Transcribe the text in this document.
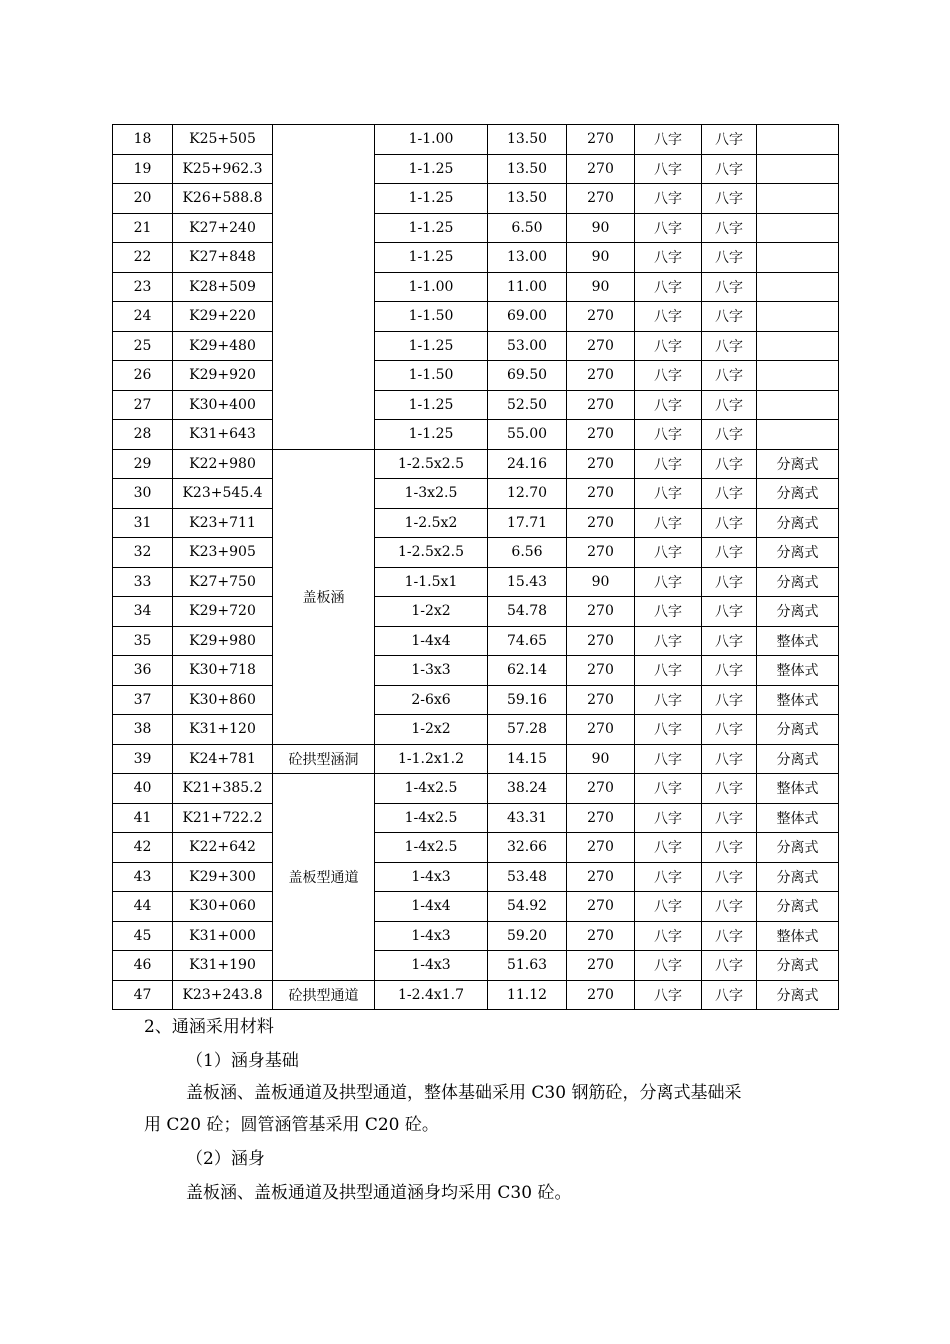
18	K25+505		1-1.00	13.50	270	八字	八字	
19	K25+962.3		1-1.25	13.50	270	八字	八字	
20	K26+588.8		1-1.25	13.50	270	八字	八字	
21	K27+240		1-1.25	6.50	90	八字	八字	
22	K27+848		1-1.25	13.00	90	八字	八字	
23	K28+509		1-1.00	11.00	90	八字	八字	
24	K29+220		1-1.50	69.00	270	八字	八字	
25	K29+480		1-1.25	53.00	270	八字	八字	
26	K29+920		1-1.50	69.50	270	八字	八字	
27	K30+400		1-1.25	52.50	270	八字	八字	
28	K31+643		1-1.25	55.00	270	八字	八字	
29	K22+980	盖板涵	1-2.5x2.5	24.16	270	八字	八字	分离式
30	K23+545.4		1-3x2.5	12.70	270	八字	八字	分离式
31	K23+711		1-2.5x2	17.71	270	八字	八字	分离式
32	K23+905		1-2.5x2.5	6.56	270	八字	八字	分离式
33	K27+750		1-1.5x1	15.43	90	八字	八字	分离式
34	K29+720		1-2x2	54.78	270	八字	八字	分离式
35	K29+980		1-4x4	74.65	270	八字	八字	整体式
36	K30+718		1-3x3	62.14	270	八字	八字	整体式
37	K30+860		2-6x6	59.16	270	八字	八字	整体式
38	K31+120		1-2x2	57.28	270	八字	八字	分离式
39	K24+781	砼拱型涵洞	1-1.2x1.2	14.15	90	八字	八字	分离式
40	K21+385.2	盖板型通道	1-4x2.5	38.24	270	八字	八字	整体式
41	K21+722.2		1-4x2.5	43.31	270	八字	八字	整体式
42	K22+642		1-4x2.5	32.66	270	八字	八字	分离式
43	K29+300		1-4x3	53.48	270	八字	八字	分离式
44	K30+060		1-4x4	54.92	270	八字	八字	分离式
45	K31+000		1-4x3	59.20	270	八字	八字	整体式
46	K31+190		1-4x3	51.63	270	八字	八字	分离式
47	K23+243.8	砼拱型通道	1-2.4x1.7	11.12	270	八字	八字	分离式

2、通涵采用材料

（1）涵身基础

盖板涵、盖板通道及拱型通道，整体基础采用 C30 钢筋砼，分离式基础采

用 C20 砼；圆管涵管基采用 C20 砼。

（2）涵身

盖板涵、盖板通道及拱型通道涵身均采用 C30 砼。
